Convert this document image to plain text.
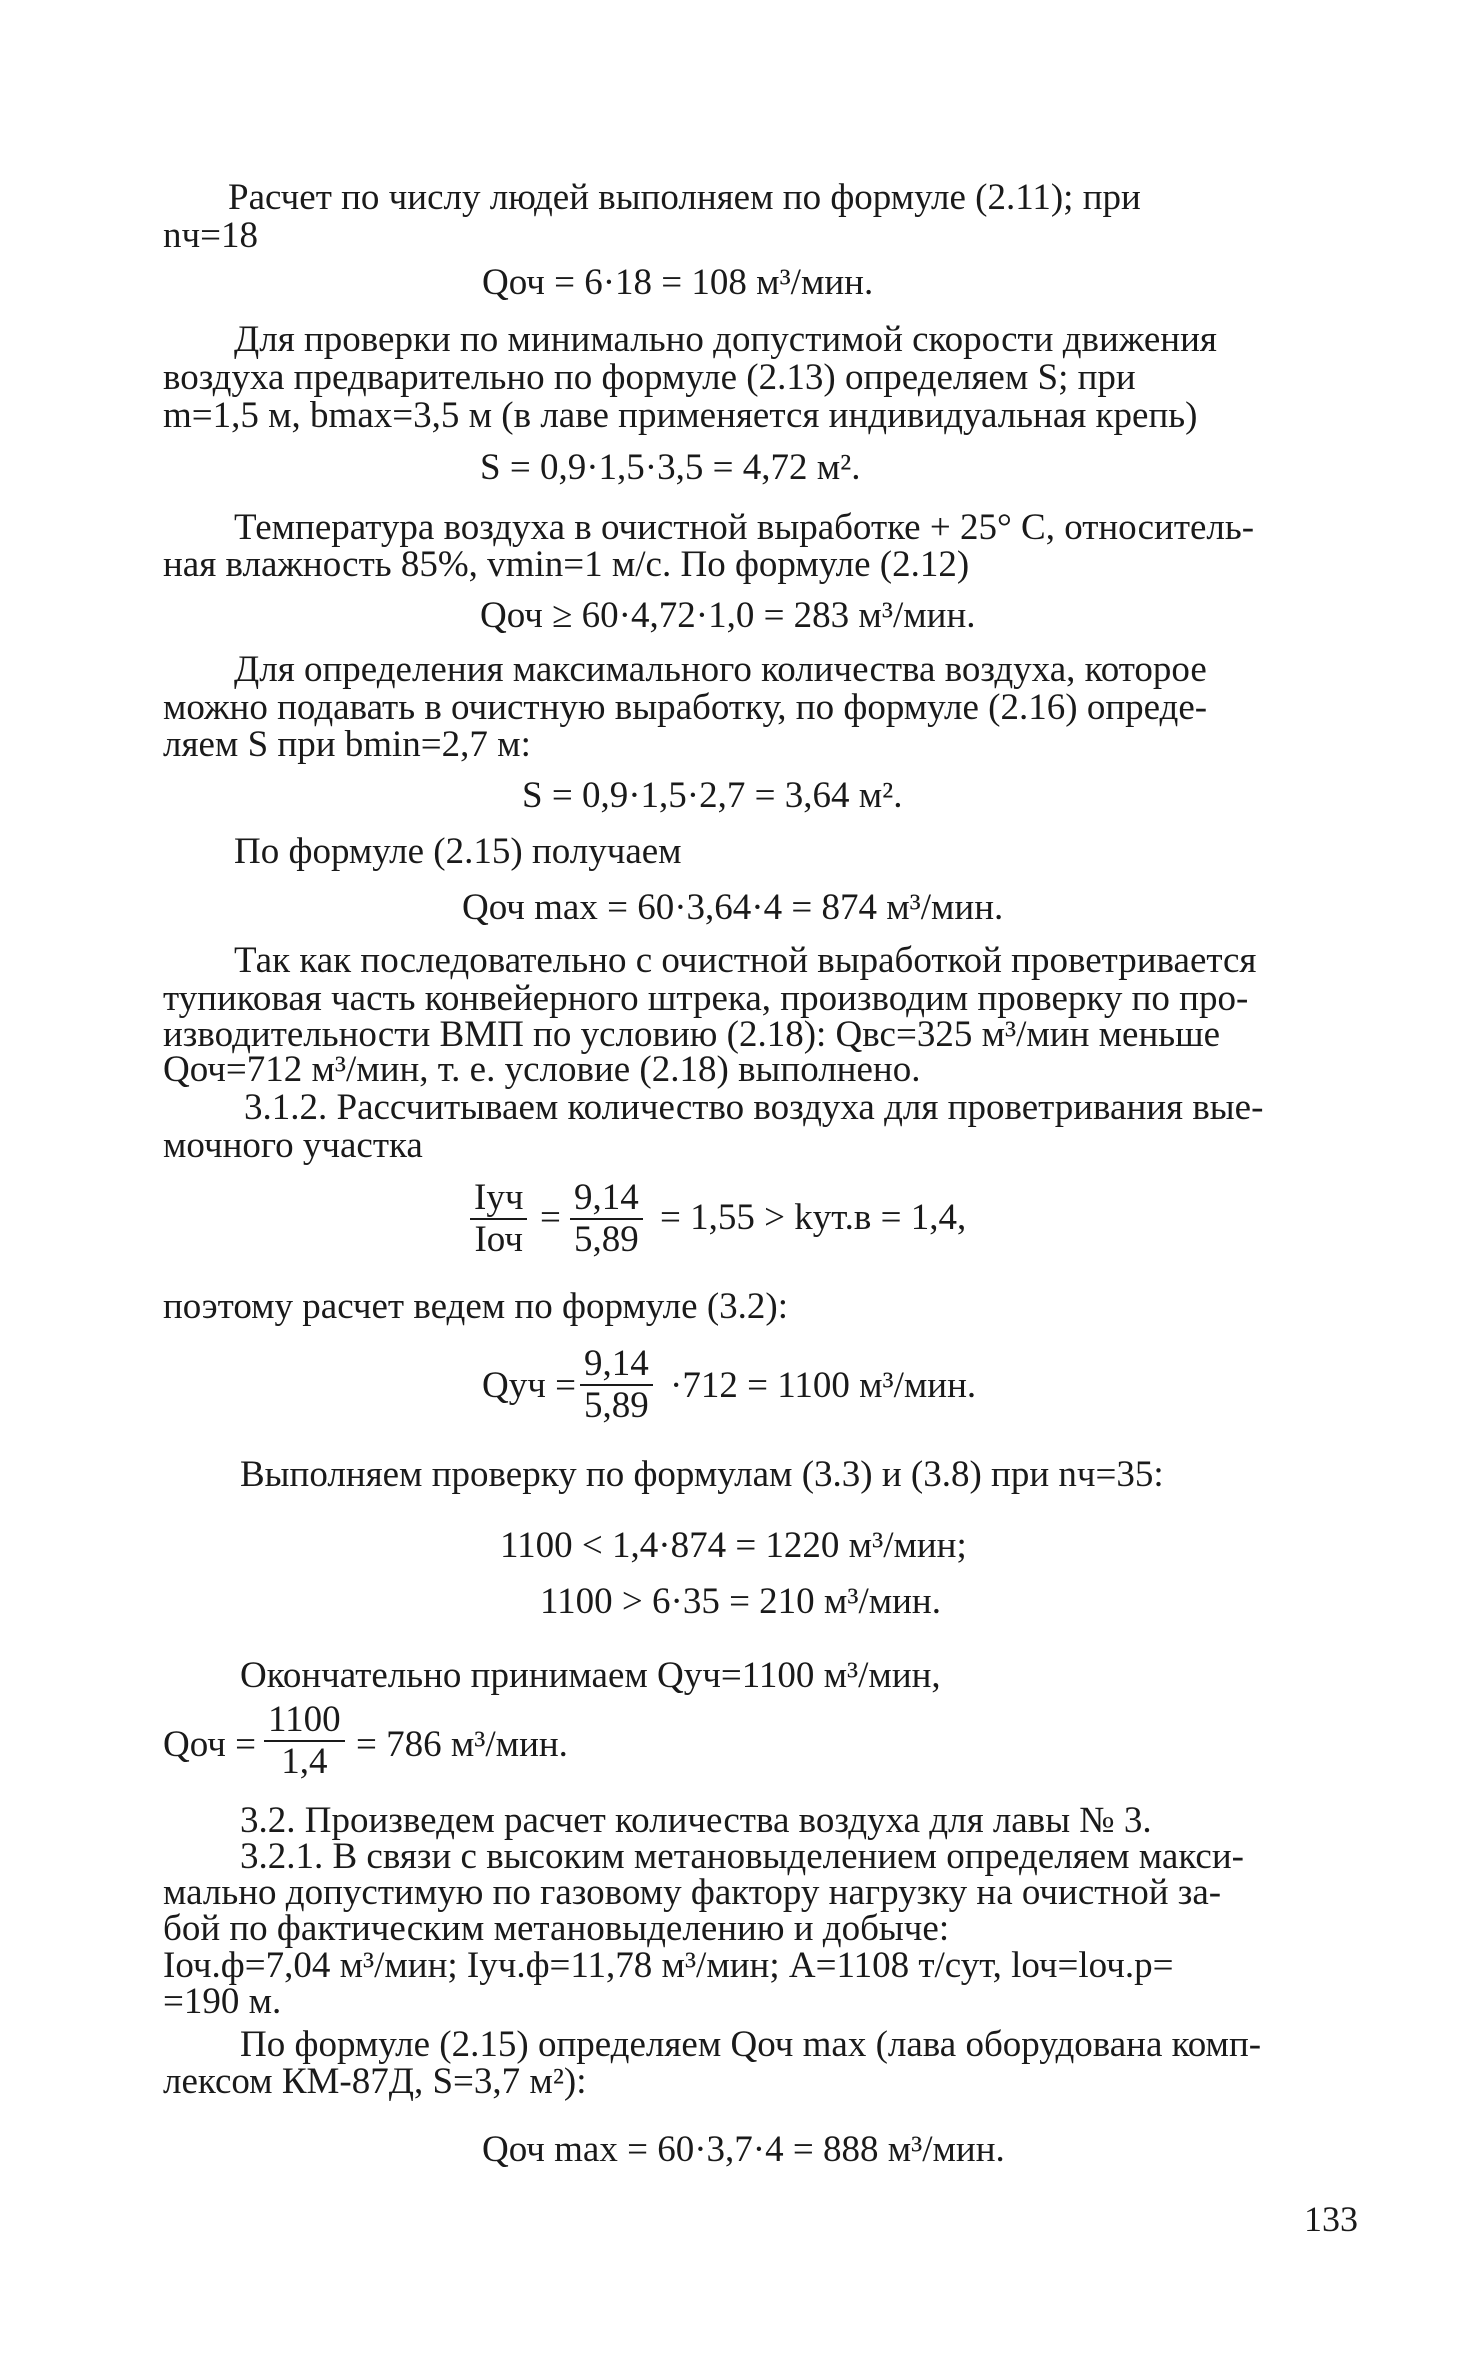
Расчет по числу людей выполняем по формуле (2.11); при
nч=18
Qоч = 6·18 = 108 м³/мин.
Для проверки по минимально допустимой скорости движения
воздуха предварительно по формуле (2.13) определяем S; при
m=1,5 м, bmax=3,5 м (в лаве применяется индивидуальная крепь)
S = 0,9·1,5·3,5 = 4,72 м².
Температура воздуха в очистной выработке + 25° С, относитель-
ная влажность 85%, vmin=1 м/с. По формуле (2.12)
Qоч ≥ 60·4,72·1,0 = 283 м³/мин.
Для определения максимального количества воздуха, которое
можно подавать в очистную выработку, по формуле (2.16) опреде-
ляем S при bmin=2,7 м:
S = 0,9·1,5·2,7 = 3,64 м².
По формуле (2.15) получаем
Qоч max = 60·3,64·4 = 874 м³/мин.
Так как последовательно с очистной выработкой проветривается
тупиковая часть конвейерного штрека, производим проверку по про-
изводительности ВМП по условию (2.18): Qвс=325 м³/мин меньше
Qоч=712 м³/мин, т. е. условие (2.18) выполнено.
3.1.2. Рассчитываем количество воздуха для проветривания вые-
мочного участка
Iуч
Iоч
= $\frac{9,14}{5,89} = 1,55 > kут.в = 1,4$,
поэтому расчет ведем по формуле (3.2):
Qуч = $\frac{9,14}{5,89} \cdot 712 = 1100$ м³/мин.
Выполняем проверку по формулам (3.3) и (3.8) при nч=35:
1100 < 1,4·874 = 1220 м³/мин;
1100 > 6·35 = 210 м³/мин.
Окончательно принимаем Qуч=1100 м³/мин,
Qоч = $\frac{1100}{1,4} = 786$ м³/мин.
3.2. Произведем расчет количества воздуха для лавы № 3.
3.2.1. В связи с высоким метановыделением определяем макси-
мально допустимую по газовому фактору нагрузку на очистной за-
бой по фактическим метановыделению и добыче:
Iоч.ф=7,04 м³/мин; Iуч.ф=11,78 м³/мин; A=1108 т/сут, lоч=lоч.р=
=190 м.
По формуле (2.15) определяем Qоч max (лава оборудована комп-
лексом КМ-87Д, S=3,7 м²):
Qоч max = 60·3,7·4 = 888 м³/мин.
133
